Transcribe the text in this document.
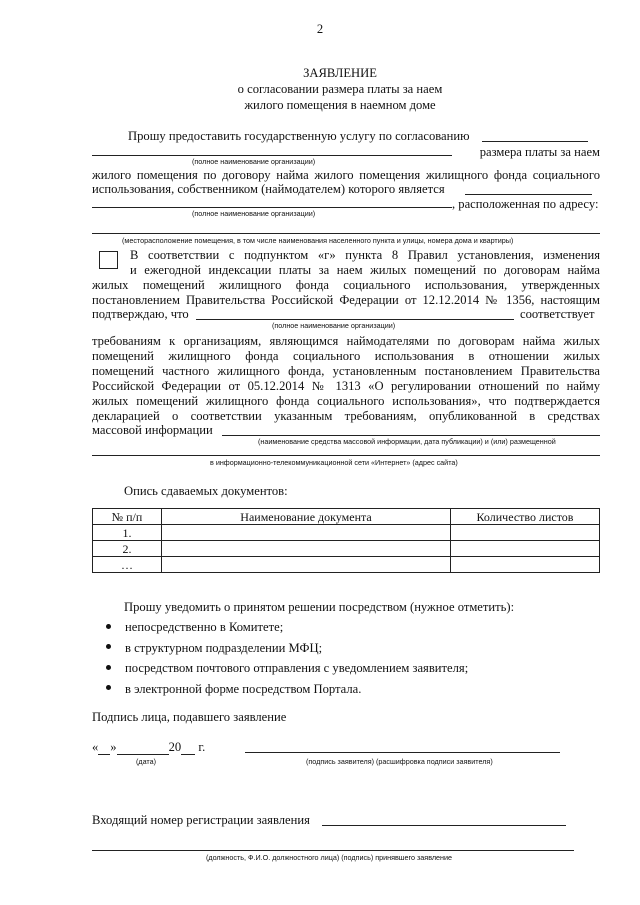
2
ЗАЯВЛЕНИЕ
о согласовании размера платы за наем
жилого помещения в наемном доме
Прошу предоставить государственную услугу по согласованию
размера платы за наем
(полное наименование организации)
жилого помещения по договору найма жилого помещения жилищного фонда социального
использования, собственником (наймодателем) которого является
, расположенная по адресу:
(полное наименование организации)
(месторасположение помещения, в том числе наименования населенного пункта и улицы, номера дома и квартиры)
В соответствии с подпунктом «г» пункта 8 Правил установления, изменения
и ежегодной индексации платы за наем жилых помещений по договорам найма
жилых помещений жилищного фонда социального использования, утвержденных
постановлением Правительства Российской Федерации от 12.12.2014 № 1356, настоящим
подтверждаю, что	соответствует
(полное наименование организации)
требованиям к организациям, являющимся наймодателями по договорам найма жилых
помещений жилищного фонда социального использования в отношении жилых
помещений частного жилищного фонда, установленным постановлением Правительства
Российской Федерации от 05.12.2014 № 1313 «О регулировании отношений по найму
жилых помещений жилищного фонда социального использования», что подтверждается
декларацией о соответствии указанным требованиям, опубликованной в средствах
массовой информации
(наименование средства массовой информации, дата публикации) и (или) размещенной
в информационно-телекоммуникационной сети «Интернет» (адрес сайта)
Опись сдаваемых документов:
№ п/п	Наименование документа	Количество листов
1.		
2.		
…		
Прошу уведомить о принятом решении посредством (нужное отметить):
непосредственно в Комитете;
в структурном подразделении МФЦ;
посредством почтового отправления с уведомлением заявителя;
в электронной форме посредством Портала.
Подпись лица, подавшего заявление
« »	20 г.
(дата)	(подпись заявителя) (расшифровка подписи заявителя)
Входящий номер регистрации заявления
(должность, Ф.И.О. должностного лица) (подпись) принявшего заявление
